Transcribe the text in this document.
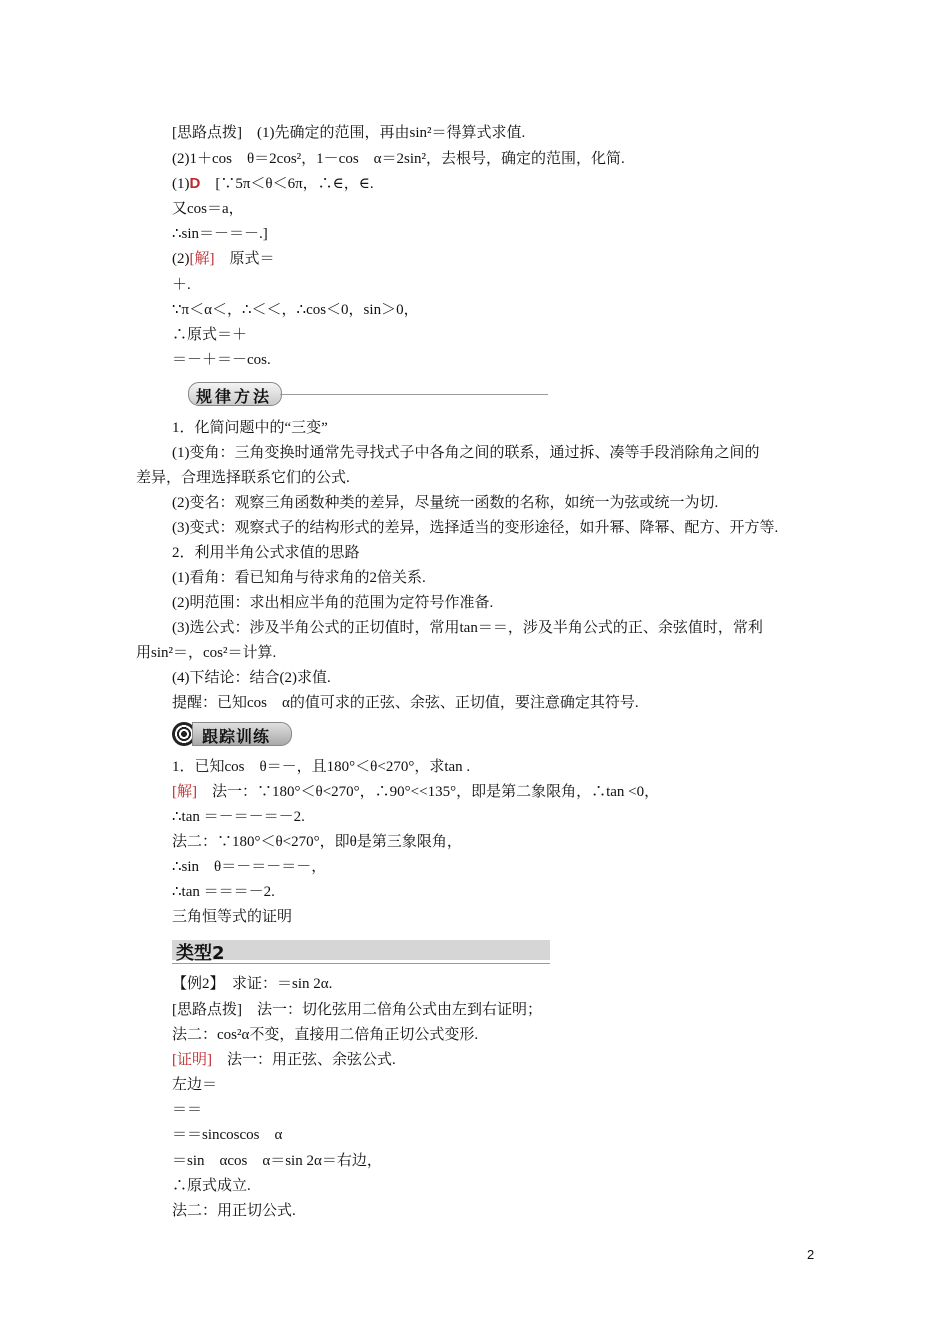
[思路点拨]　(1)先确定的范围，再由sin²＝得算式求值.
(2)1＋cos　θ＝2cos²，1－cos　α＝2sin²，去根号，确定的范围，化简.
(1)D　 [∵5π＜θ＜6π，∴∈，∈.
又cos＝a，
∴sin＝－＝－.]
(2)[解]　 原式＝
＋.
∵π＜α＜，∴＜＜，∴cos＜0，sin＞0，
∴原式＝＋
＝－＋＝－cos.
规律方法
1．化简问题中的“三变”
(1)变角：三角变换时通常先寻找式子中各角之间的联系，通过拆、凑等手段消除角之间的
差异，合理选择联系它们的公式.
(2)变名：观察三角函数种类的差异，尽量统一函数的名称，如统一为弦或统一为切.
(3)变式：观察式子的结构形式的差异，选择适当的变形途径，如升幂、降幂、配方、开方等.
2．利用半角公式求值的思路
(1)看角：看已知角与待求角的2倍关系.
(2)明范围：求出相应半角的范围为定符号作准备.
(3)选公式：涉及半角公式的正切值时，常用tan＝＝，涉及半角公式的正、余弦值时，常利
用sin²＝，cos²＝计算.
(4)下结论：结合(2)求值.
提醒：已知cos　α的值可求的正弦、余弦、正切值，要注意确定其符号.
跟踪训练
1．已知cos　θ＝－，且180°＜θ<270°，求tan .
[解]　 法一：∵180°＜θ<270°，∴90°<<135°，即是第二象限角，∴tan <0，
∴tan ＝－＝－＝－2.
法二：∵180°＜θ<270°，即θ是第三象限角，
∴sin　θ＝－＝－＝－，
∴tan ＝＝＝－2.
三角恒等式的证明
类型2
【例2】　 求证：＝sin 2α.
[思路点拨]　法一：切化弦用二倍角公式由左到右证明；
法二：cos²α不变，直接用二倍角正切公式变形.
[证明]　 法一：用正弦、余弦公式.
左边＝
＝＝
＝＝sincoscos　α
＝sin　αcos　α＝sin 2α＝右边，
∴原式成立.
法二：用正切公式.
2
